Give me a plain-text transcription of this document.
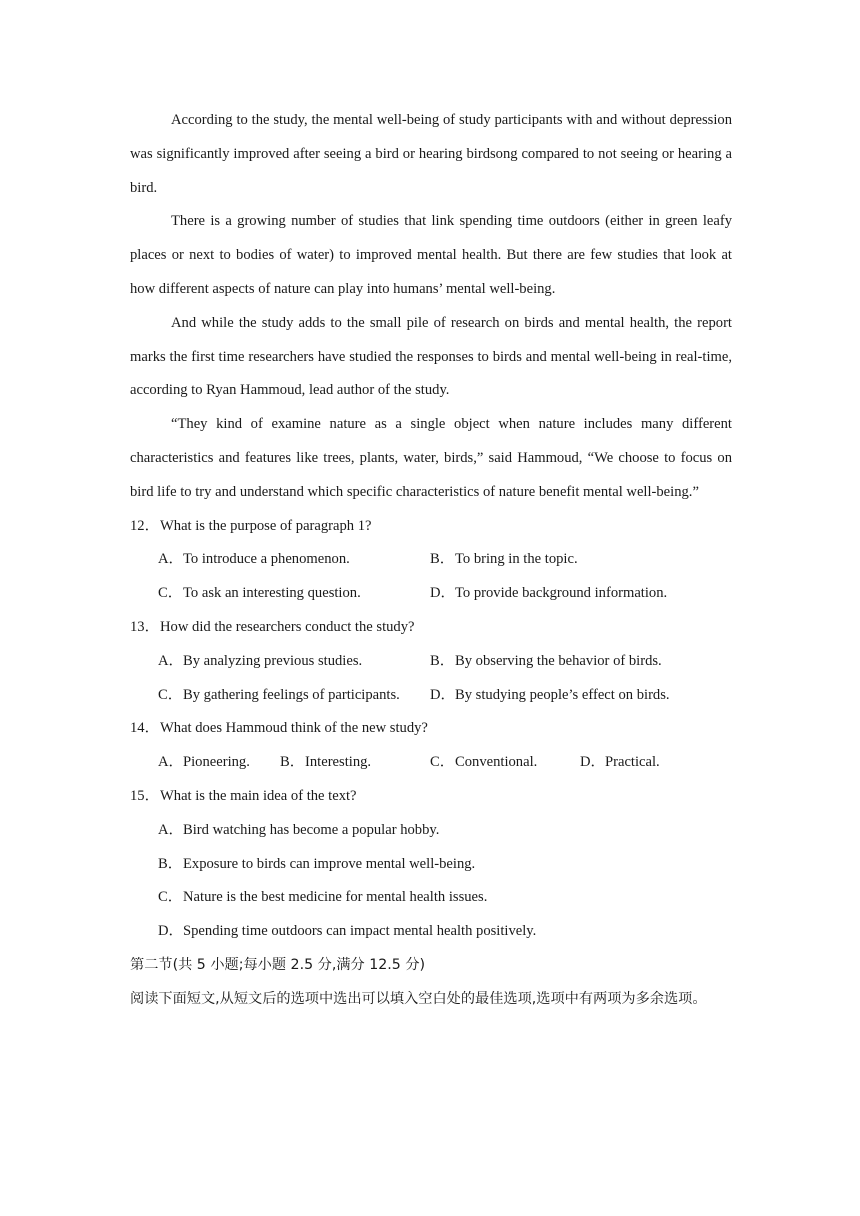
According to the study, the mental well-being of study participants with and without depression was significantly improved after seeing a bird or hearing birdsong compared to not seeing or hearing a bird.

There is a growing number of studies that link spending time outdoors (either in green leafy places or next to bodies of water) to improved mental health. But there are few studies that look at how different aspects of nature can play into humans’ mental well-being.

And while the study adds to the small pile of research on birds and mental health, the report marks the first time researchers have studied the responses to birds and mental well-being in real-time, according to Ryan Hammoud, lead author of the study.

“They kind of examine nature as a single object when nature includes many different characteristics and features like trees, plants, water, birds,” said Hammoud, “We choose to focus on bird life to try and understand which specific characteristics of nature benefit mental well-being.”

12．What is the purpose of paragraph 1?

A．To introduce a phenomenon.	B．To bring in the topic.
C．To ask an interesting question.	D．To provide background information.

13．How did the researchers conduct the study?

A．By analyzing previous studies.	B．By observing the behavior of birds.
C．By gathering feelings of participants. D．By studying people’s effect on birds.

14．What does Hammoud think of the new study?

A．Pioneering. B．Interesting.	C．Conventional.	D．Practical.

15．What is the main idea of the text?

A．Bird watching has become a popular hobby.

B．Exposure to birds can improve mental well-being.

C．Nature is the best medicine for mental health issues.

D．Spending time outdoors can impact mental health positively.

第二节(共 5 小题;每小题 2.5 分,满分 12.5 分)

阅读下面短文,从短文后的选项中选出可以填入空白处的最佳选项,选项中有两项为多余选项。
